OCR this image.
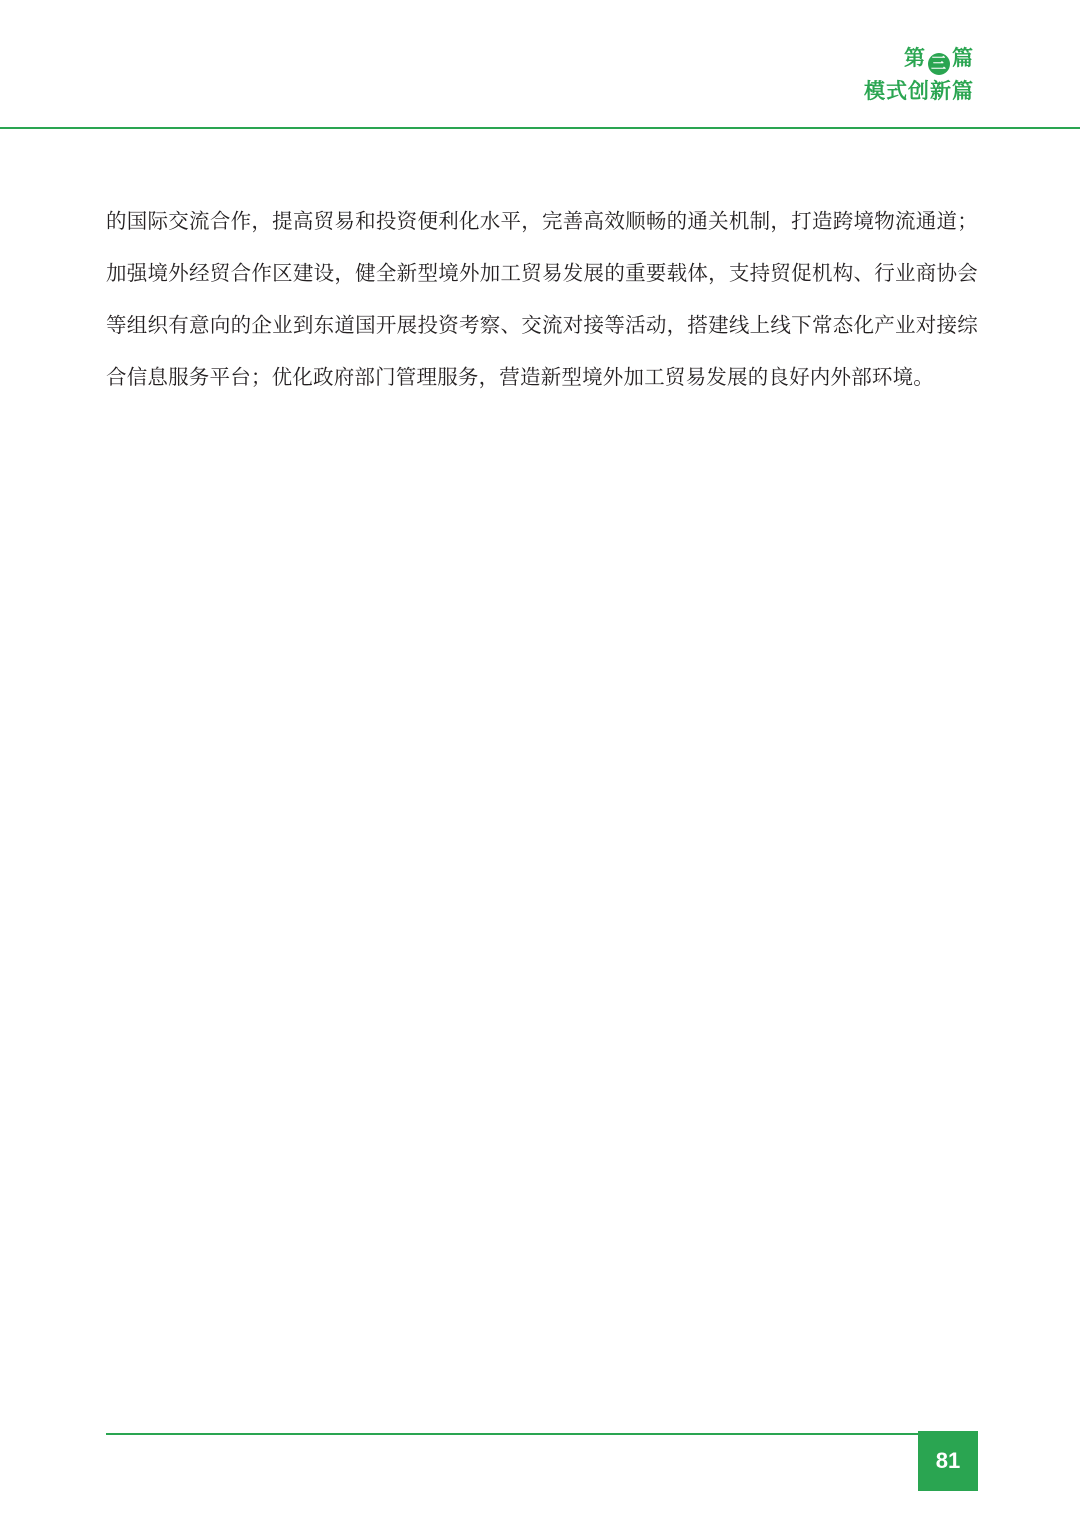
第 三 篇
模式创新篇
的国际交流合作，提高贸易和投资便利化水平，完善高效顺畅的通关机制，打造跨境物流通道；加强境外经贸合作区建设，健全新型境外加工贸易发展的重要载体，支持贸促机构、行业商协会等组织有意向的企业到东道国开展投资考察、交流对接等活动，搭建线上线下常态化产业对接综合信息服务平台；优化政府部门管理服务，营造新型境外加工贸易发展的良好内外部环境。
81
